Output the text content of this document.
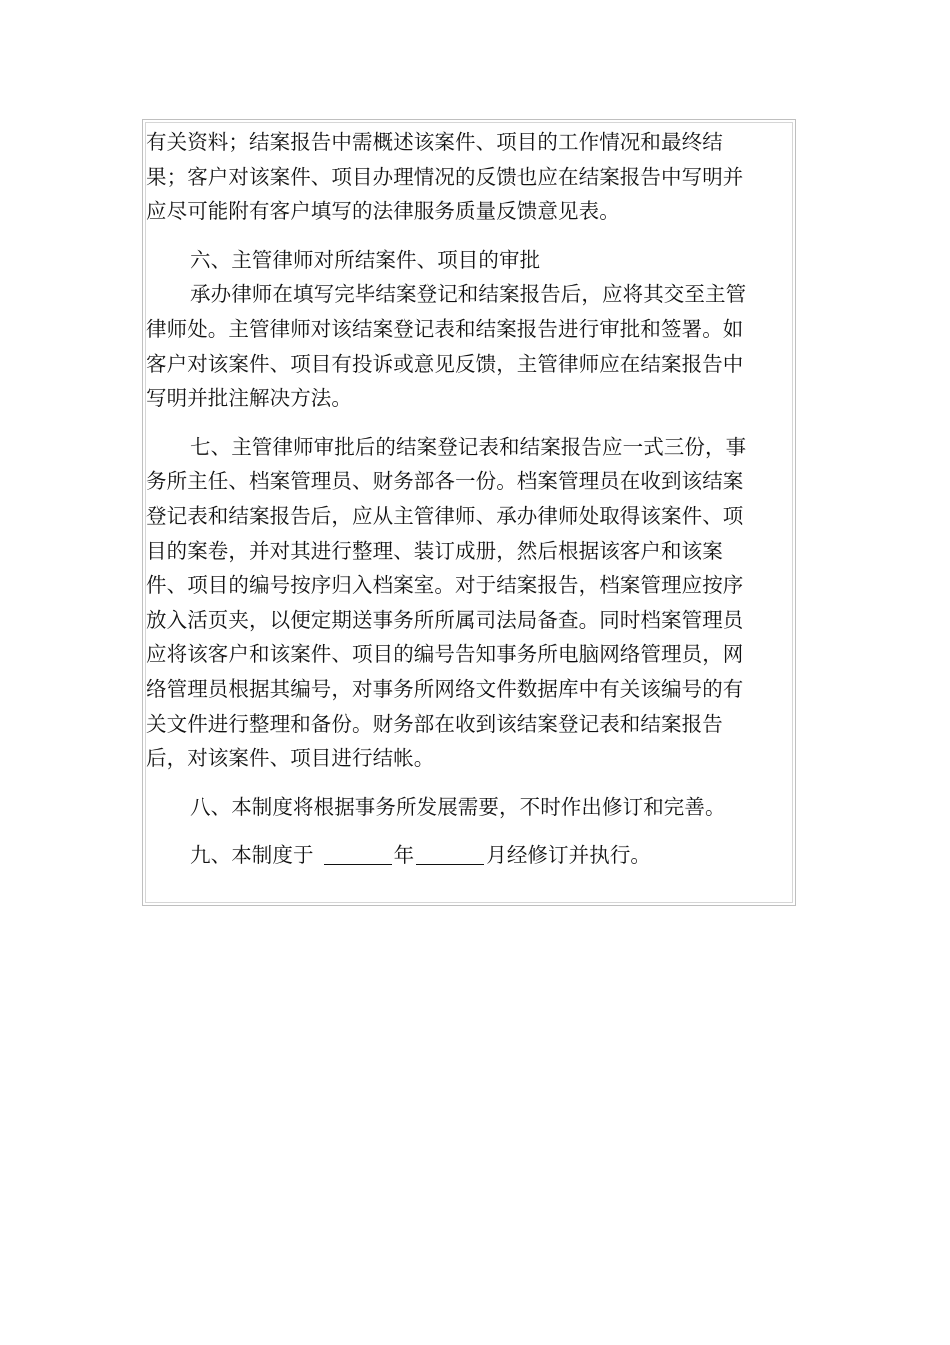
有关资料；结案报告中需概述该案件、项目的工作情况和最终结
果；客户对该案件、项目办理情况的反馈也应在结案报告中写明并
应尽可能附有客户填写的法律服务质量反馈意见表。
六、主管律师对所结案件、项目的审批
承办律师在填写完毕结案登记和结案报告后，应将其交至主管
律师处。主管律师对该结案登记表和结案报告进行审批和签署。如
客户对该案件、项目有投诉或意见反馈，主管律师应在结案报告中
写明并批注解决方法。
七、主管律师审批后的结案登记表和结案报告应一式三份，事
务所主任、档案管理员、财务部各一份。档案管理员在收到该结案
登记表和结案报告后，应从主管律师、承办律师处取得该案件、项
目的案卷，并对其进行整理、装订成册，然后根据该客户和该案
件、项目的编号按序归入档案室。对于结案报告，档案管理应按序
放入活页夹，以便定期送事务所所属司法局备查。同时档案管理员
应将该客户和该案件、项目的编号告知事务所电脑网络管理员，网
络管理员根据其编号，对事务所网络文件数据库中有关该编号的有
关文件进行整理和备份。财务部在收到该结案登记表和结案报告
后，对该案件、项目进行结帐。
八、本制度将根据事务所发展需要，不时作出修订和完善。
九、本制度于	年	月经修订并执行。
